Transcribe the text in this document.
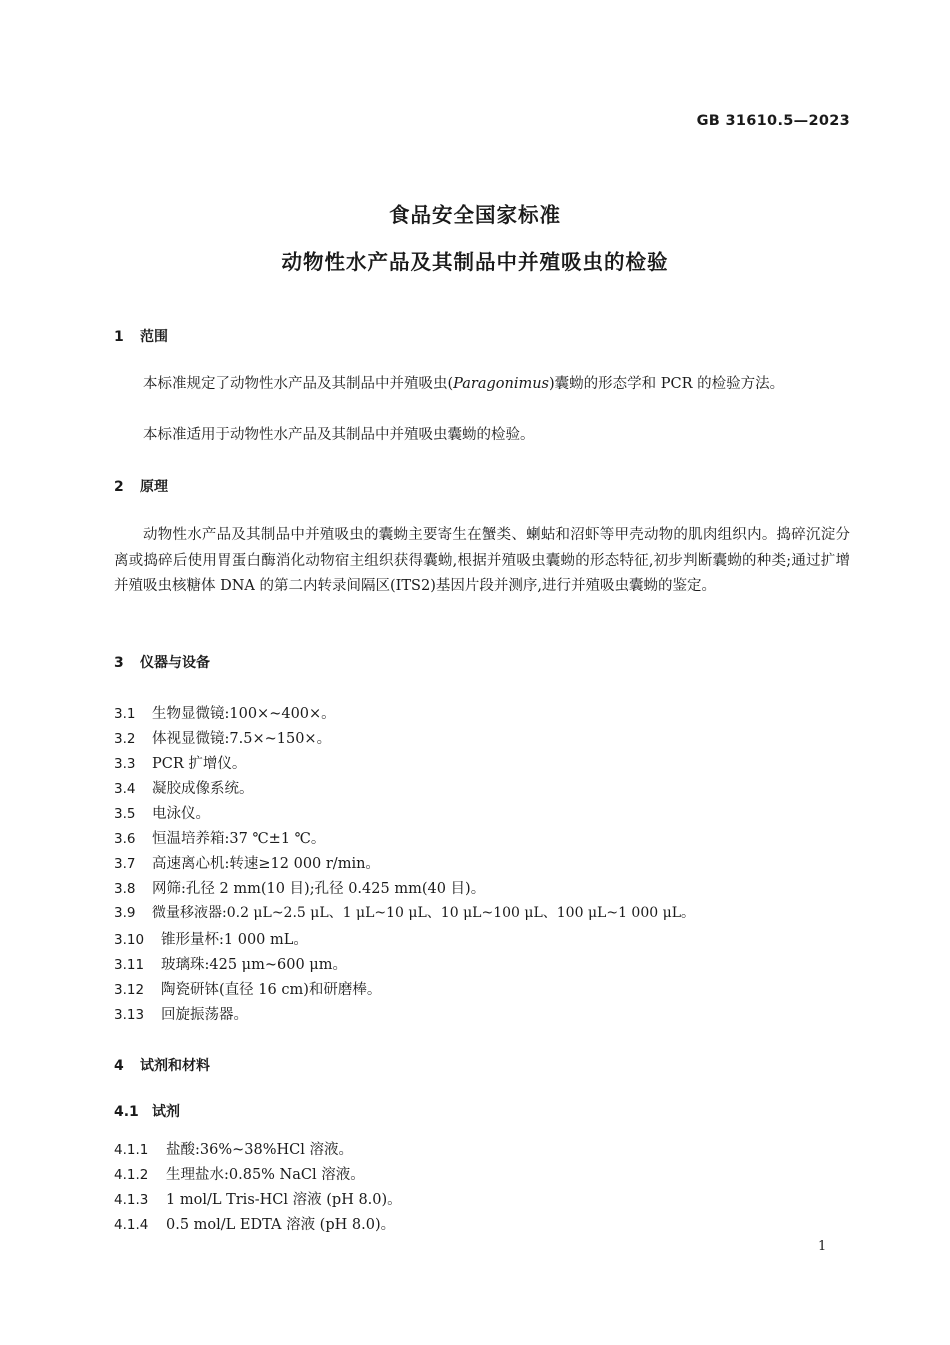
GB 31610.5—2023
食品安全国家标准
动物性水产品及其制品中并殖吸虫的检验
1 范围
本标准规定了动物性水产品及其制品中并殖吸虫(Paragonimus)囊蚴的形态学和 PCR 的检验方法。
本标准适用于动物性水产品及其制品中并殖吸虫囊蚴的检验。
2 原理
动物性水产品及其制品中并殖吸虫的囊蚴主要寄生在蟹类、蝲蛄和沼虾等甲壳动物的肌肉组织内。捣碎沉淀分离或捣碎后使用胃蛋白酶消化动物宿主组织获得囊蚴,根据并殖吸虫囊蚴的形态特征,初步判断囊蚴的种类;通过扩增并殖吸虫核糖体 DNA 的第二内转录间隔区(ITS2)基因片段并测序,进行并殖吸虫囊蚴的鉴定。
3 仪器与设备
3.1 生物显微镜:100×~400×。
3.2 体视显微镜:7.5×~150×。
3.3 PCR 扩增仪。
3.4 凝胶成像系统。
3.5 电泳仪。
3.6 恒温培养箱:37 ℃±1 ℃。
3.7 高速离心机:转速≥12 000 r/min。
3.8 网筛:孔径 2 mm(10 目);孔径 0.425 mm(40 目)。
3.9 微量移液器:0.2 μL~2.5 μL、1 μL~10 μL、10 μL~100 μL、100 μL~1 000 μL。
3.10 锥形量杯:1 000 mL。
3.11 玻璃珠:425 μm~600 μm。
3.12 陶瓷研钵(直径 16 cm)和研磨棒。
3.13 回旋振荡器。
4 试剂和材料
4.1 试剂
4.1.1 盐酸:36%~38%HCl 溶液。
4.1.2 生理盐水:0.85% NaCl 溶液。
4.1.3 1 mol/L Tris-HCl 溶液 (pH 8.0)。
4.1.4 0.5 mol/L EDTA 溶液 (pH 8.0)。
1
